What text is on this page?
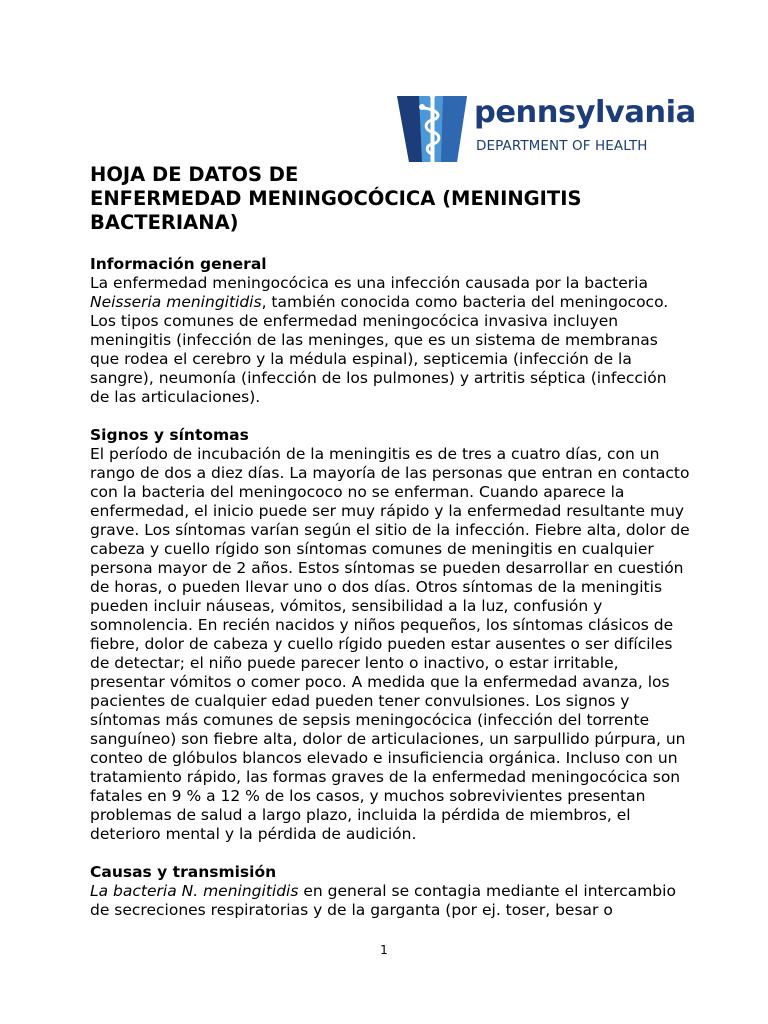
pennsylvania
DEPARTMENT OF HEALTH
HOJA DE DATOS DE
ENFERMEDAD MENINGOCÓCICA (MENINGITIS
BACTERIANA)
Información general
La enfermedad meningocócica es una infección causada por la bacteria Neisseria meningitidis, también conocida como bacteria del meningococo. Los tipos comunes de enfermedad meningocócica invasiva incluyen meningitis (infección de las meninges, que es un sistema de membranas que rodea el cerebro y la médula espinal), septicemia (infección de la sangre), neumonía (infección de los pulmones) y artritis séptica (infección de las articulaciones).
Signos y síntomas
El período de incubación de la meningitis es de tres a cuatro días, con un rango de dos a diez días. La mayoría de las personas que entran en contacto con la bacteria del meningococo no se enferman. Cuando aparece la enfermedad, el inicio puede ser muy rápido y la enfermedad resultante muy grave. Los síntomas varían según el sitio de la infección. Fiebre alta, dolor de cabeza y cuello rígido son síntomas comunes de meningitis en cualquier persona mayor de 2 años. Estos síntomas se pueden desarrollar en cuestión de horas, o pueden llevar uno o dos días. Otros síntomas de la meningitis pueden incluir náuseas, vómitos, sensibilidad a la luz, confusión y somnolencia. En recién nacidos y niños pequeños, los síntomas clásicos de fiebre, dolor de cabeza y cuello rígido pueden estar ausentes o ser difíciles de detectar; el niño puede parecer lento o inactivo, o estar irritable, presentar vómitos o comer poco. A medida que la enfermedad avanza, los pacientes de cualquier edad pueden tener convulsiones. Los signos y síntomas más comunes de sepsis meningocócica (infección del torrente sanguíneo) son fiebre alta, dolor de articulaciones, un sarpullido púrpura, un conteo de glóbulos blancos elevado e insuficiencia orgánica. Incluso con un tratamiento rápido, las formas graves de la enfermedad meningocócica son fatales en 9 % a 12 % de los casos, y muchos sobrevivientes presentan problemas de salud a largo plazo, incluida la pérdida de miembros, el deterioro mental y la pérdida de audición.
Causas y transmisión
La bacteria N. meningitidis en general se contagia mediante el intercambio de secreciones respiratorias y de la garganta (por ej. toser, besar o
1
